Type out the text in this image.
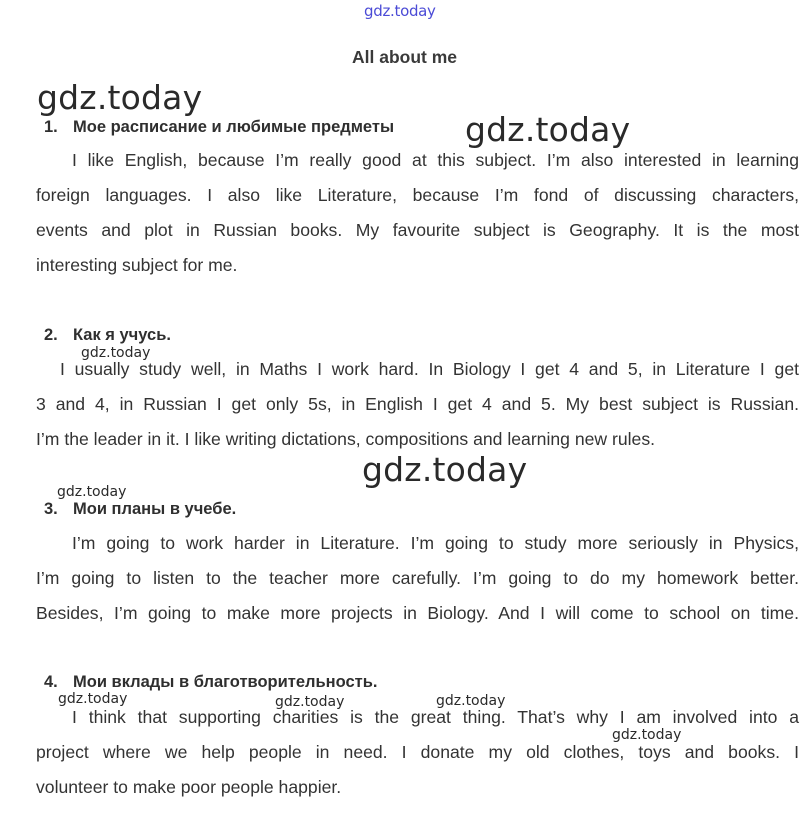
gdz.today
All about me
1. Мое расписание и любимые предметы
I like English, because I’m really good at this subject. I’m also interested in learning
foreign languages. I also like Literature, because I’m fond of discussing characters,
events and plot in Russian books. My favourite subject is Geography. It is the most
interesting subject for me.
2. Как я учусь.
I usually study well, in Maths I work hard. In Biology I get 4 and 5, in Literature I get
3 and 4, in Russian I get only 5s, in English I get 4 and 5. My best subject is Russian.
I’m the leader in it. I like writing dictations, compositions and learning new rules.
3. Мои планы в учебе.
I’m going to work harder in Literature. I’m going to study more seriously in Physics,
I’m going to listen to the teacher more carefully. I’m going to do my homework better.
Besides, I’m going to make more projects in Biology. And I will come to school on time.
4. Мои вклады в благотворительность.
I think that supporting charities is the great thing. That’s why I am involved into a
project where we help people in need. I donate my old clothes, toys and books. I
volunteer to make poor people happier.
gdz.today
gdz.today
gdz.today
gdz.today
gdz.today
gdz.today	gdz.today	gdz.today
gdz.today
